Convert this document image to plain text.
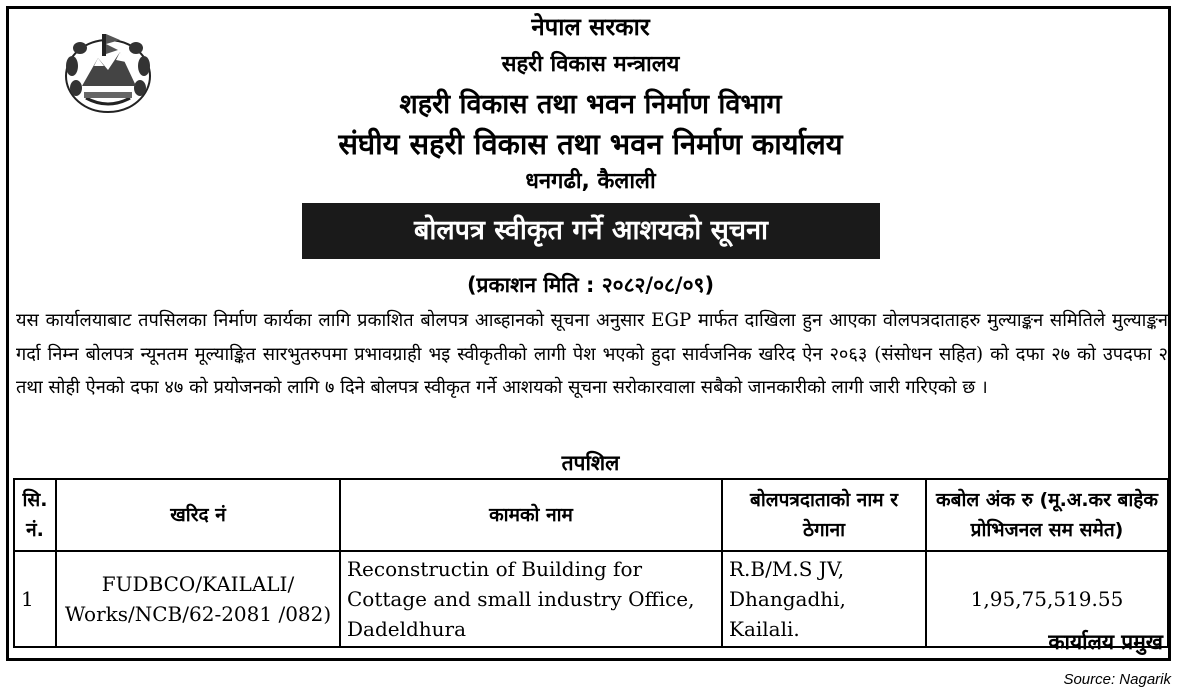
नेपाल सरकार
सहरी विकास मन्त्रालय
शहरी विकास तथा भवन निर्माण विभाग
संघीय सहरी विकास तथा भवन निर्माण कार्यालय
धनगढी, कैलाली
बोलपत्र स्वीकृत गर्ने आशयको सूचना
(प्रकाशन मिति : २०८२/०८/०९)
यस कार्यालयाबाट तपसिलका निर्माण कार्यका लागि प्रकाशित बोलपत्र आब्हानको सूचना अनुसार EGP मार्फत दाखिला हुन आएका वोलपत्रदाताहरु मुल्याङ्कन समितिले मुल्याङ्कन गर्दा निम्न बोलपत्र न्यूनतम मूल्याङ्कित सारभुतरुपमा प्रभावग्राही भइ स्वीकृतीको लागी पेश भएको हुदा सार्वजनिक खरिद ऐन २०६३ (संसोधन सहित) को दफा २७ को उपदफा २ तथा सोही ऐनको दफा ४७ को प्रयोजनको लागि ७ दिने बोलपत्र स्वीकृत गर्ने आशयको सूचना सरोकारवाला सबैको जानकारीको लागी जारी गरिएको छ ।
तपशिल
सि. नं.	खरिद नं	कामको नाम	बोलपत्रदाताको नाम र ठेगाना	कबोल अंक रु (मू.अ.कर बाहेक प्रोभिजनल सम समेत)
1	FUDBCO/KAILALI/ Works/NCB/62-2081 /082)	Reconstructin of Building for Cottage and small industry Office, Dadeldhura	R.B/M.S JV, Dhangadhi, Kailali.	1,95,75,519.55
कार्यालय प्रमुख
Source: Nagarik
